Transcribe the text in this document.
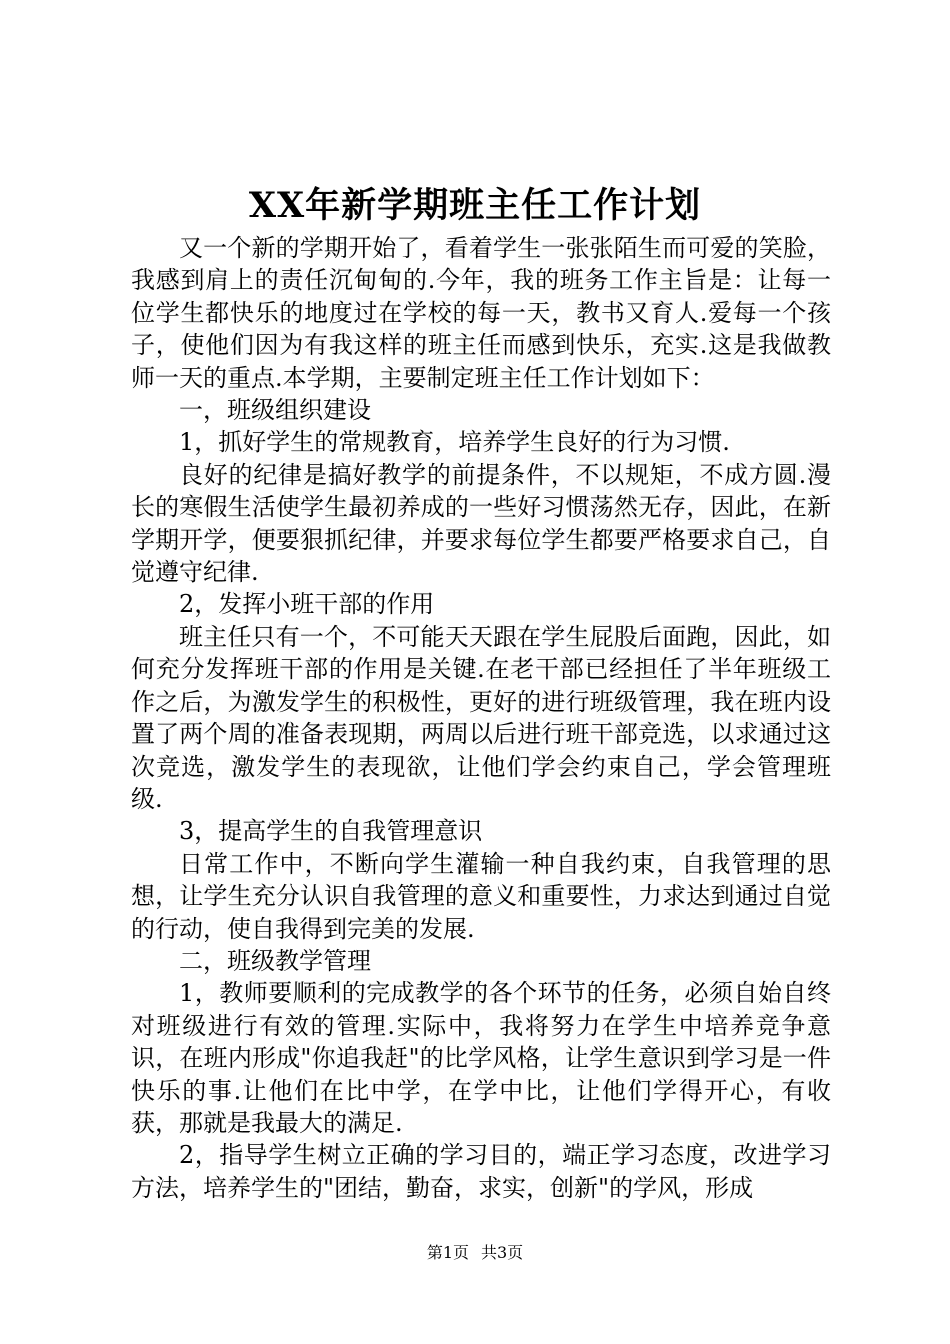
XX年新学期班主任工作计划

又一个新的学期开始了，看着学生一张张陌生而可爱的笑脸，我感到肩上的责任沉甸甸的.今年，我的班务工作主旨是：让每一位学生都快乐的地度过在学校的每一天，教书又育人.爱每一个孩子，使他们因为有我这样的班主任而感到快乐，充实.这是我做教师一天的重点.本学期，主要制定班主任工作计划如下：

一，班级组织建设

1，抓好学生的常规教育，培养学生良好的行为习惯.

良好的纪律是搞好教学的前提条件，不以规矩，不成方圆.漫长的寒假生活使学生最初养成的一些好习惯荡然无存，因此，在新学期开学，便要狠抓纪律，并要求每位学生都要严格要求自己，自觉遵守纪律.

2，发挥小班干部的作用

班主任只有一个，不可能天天跟在学生屁股后面跑，因此，如何充分发挥班干部的作用是关键.在老干部已经担任了半年班级工作之后，为激发学生的积极性，更好的进行班级管理，我在班内设置了两个周的准备表现期，两周以后进行班干部竞选，以求通过这次竞选，激发学生的表现欲，让他们学会约束自己，学会管理班级.

3，提高学生的自我管理意识

日常工作中，不断向学生灌输一种自我约束，自我管理的思想，让学生充分认识自我管理的意义和重要性，力求达到通过自觉的行动，使自我得到完美的发展.

二，班级教学管理

1，教师要顺利的完成教学的各个环节的任务，必须自始自终对班级进行有效的管理.实际中，我将努力在学生中培养竞争意识，在班内形成"你追我赶"的比学风格，让学生意识到学习是一件快乐的事.让他们在比中学，在学中比，让他们学得开心，有收获，那就是我最大的满足.

2，指导学生树立正确的学习目的，端正学习态度，改进学习方法，培养学生的"团结，勤奋，求实，创新"的学风，形成

第1页 共3页
